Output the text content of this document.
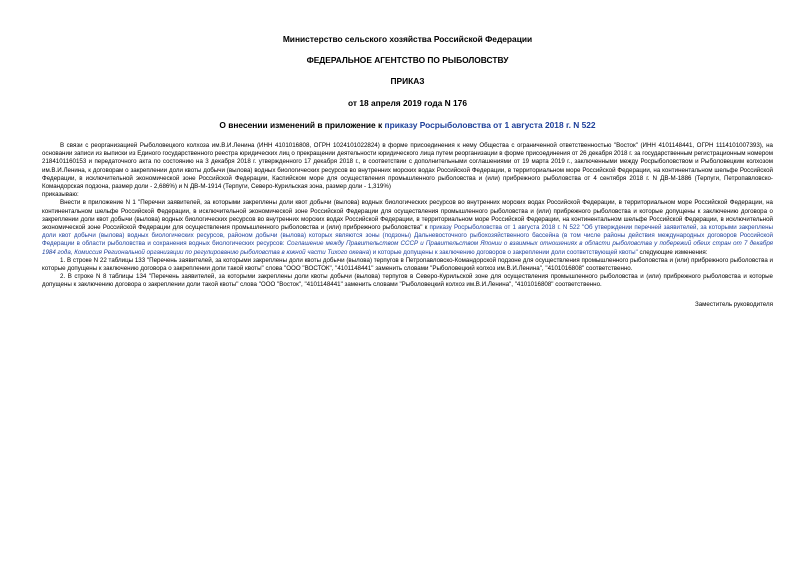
Министерство сельского хозяйства Российской Федерации
ФЕДЕРАЛЬНОЕ АГЕНТСТВО ПО РЫБОЛОВСТВУ
ПРИКАЗ
от 18 апреля 2019 года N 176
О внесении изменений в приложение к приказу Росрыболовства от 1 августа 2018 г. N 522

В связи с реорганизацией Рыболовецкого колхоза им.В.И.Ленина (ИНН 4101016808, ОГРН 1024101022824) в форме присоединения к нему Общества с ограниченной ответственностью "Восток" (ИНН 4101148441, ОГРН 1114101007393), на основании записи из выписки из Единого государственного реестра юридических лиц о прекращении деятельности юридического лица путем реорганизации в форме присоединения от 26 декабря 2018 г. за государственным регистрационным номером 2184101160153 и передаточного акта по состоянию на 3 декабря 2018 г. утвержденного 17 декабря 2018 г., в соответствии с дополнительными соглашениями от 19 марта 2019 г., заключенными между Росрыболовством и Рыболовецким колхозом им.В.И.Ленина, к договорам о закреплении доли квоты добычи (вылова) водных биологических ресурсов во внутренних морских водах Российской Федерации, в территориальном море Российской Федерации, на континентальном шельфе Российской Федерации, в исключительной экономической зоне Российской Федерации, Каспийском море для осуществления промышленного рыболовства и (или) прибрежного рыболовства от 4 сентября 2018 г. N ДВ-М-1886 (Терпуги, Петропавловско-Командорская подзона, размер доли - 2,686%) и N ДВ-М-1914 (Терпуги, Северо-Курильская зона, размер доли - 1,319%)

приказываю:

Внести в приложение N 1 "Перечни заявителей, за которыми закреплены доли квот добычи (вылова) водных биологических ресурсов во внутренних морских водах Российской Федерации, в территориальном море Российской Федерации, на континентальном шельфе Российской Федерации, в исключительной экономической зоне Российской Федерации для осуществления промышленного рыболовства и (или) прибрежного рыболовства и которые допущены к заключению договора о закреплении доли квот добычи (вылова) водных биологических ресурсов во внутренних морских водах Российской Федерации, в территориальном море Российской Федерации, на континентальном шельфе Российской Федерации, в исключительной экономической зоне Российской Федерации для осуществления промышленного рыболовства и (или) прибрежного рыболовства" к приказу Росрыболовства от 1 августа 2018 г. N 522 "Об утверждении перечней заявителей, за которыми закреплены доли квот добычи (вылова) водных биологических ресурсов, районом добычи (вылова) которых являются зоны (подзоны) Дальневосточного рыбохозяйственного бассейна (в том числе районы действия международных договоров Российской Федерации в области рыболовства и сохранения водных биологических ресурсов: Соглашение между Правительством СССР и Правительством Японии о взаимных отношениях в области рыболовства у побережий обеих стран от 7 декабря 1984 года, Комиссия Региональной организации по регулированию рыболовства в южной части Тихого океана) и которые допущены к заключению договоров о закреплении доли соответствующей квоты" следующие изменения:

1. В строке N 22 таблицы 133 "Перечень заявителей, за которыми закреплены доли квоты добычи (вылова) терпугов в Петропавловско-Командорской подзоне для осуществления промышленного рыболовства и (или) прибрежного рыболовства и которые допущены к заключению договора о закреплении доли такой квоты" слова "ООО "ВОСТОК", "4101148441" заменить словами "Рыболовецкий колхоз им.В.И.Ленина", "4101016808" соответственно.

2. В строке N 8 таблицы 134 "Перечень заявителей, за которыми закреплены доли квоты добычи (вылова) терпугов в Северо-Курильской зоне для осуществления промышленного рыболовства и (или) прибрежного рыболовства и которые допущены к заключению договора о закреплении доли такой квоты" слова "ООО "Восток", "4101148441" заменить словами "Рыболовецкий колхоз им.В.И.Ленина", "4101016808" соответственно.

Заместитель руководителя
